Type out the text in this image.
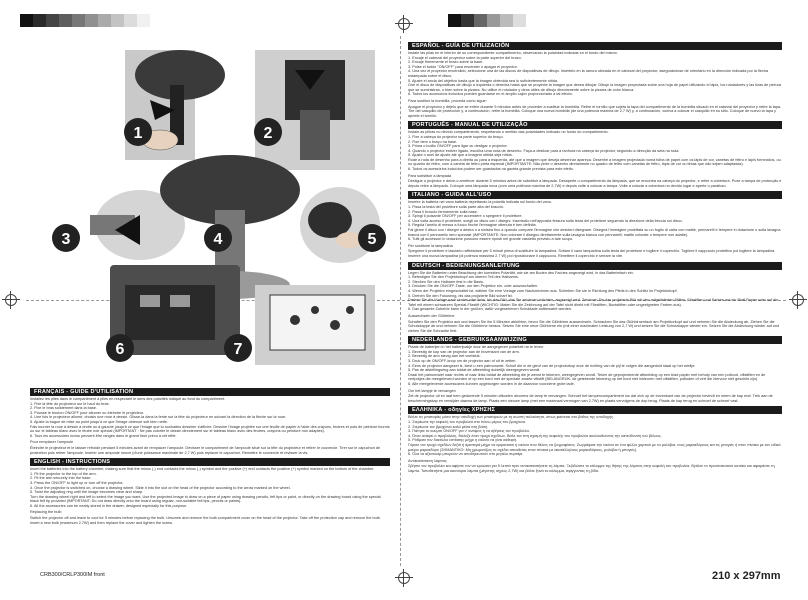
1	2
3	4	5
6	7
FRANÇAIS - GUIDE D'UTILISATION
Installez les piles dans le compartiment à piles en respectant le sens des polarités indiqué au fond du compartiment.
1. Fixe la tête du projecteur sur le haut du bras.
2. Fixe le bras solidement dans la base.
3. Pousse le bouton ON/OFF pour allumer ou éteindre le projecteur.
4. Une fois le projecteur allumé, choisis une roue à dessin. Glisse-la dans la fente sur la tête du projecteur en suivant la direction de la flèche sur la roue.
5. Ajuste la bague de mise au point jusqu'à ce que l'image obtenue soit bien nette.
Fais tourner la roue à dessin à droite ou à gauche jusqu'à ce que l'image que tu souhaites dessiner s'affiche. Dessine l'image projetée sur une feuille de papier à l'aide des crayons, feutres et pots de peinture fournis ou sur le tableau blanc avec le feutre noir spécial (IMPORTANT : Ne pas colorier le dessin directement sur le tableau blanc avec des feutres, crayons ou peinture non adaptés).
6. Tous les accessoires inclus peuvent être rangés dans le grand tiroir prévu à cet effet.
Pour remplacer l'ampoule
Éteindre le projecteur et le laisser refroidir pendant 5 minutes avant de remplacer l'ampoule. Dévisser le compartiment de l'ampoule situé sur la tête du projecteur et retirer le couvercle. Tirer sur le capuchon de protection puis retirer l'ampoule. Insérer une ampoule neuve (d'une puissance maximale de 2,7 W) puis replacer le capuchon. Remettre le couvercle et revisser la vis.
ENGLISH - INSTRUCTIONS
Insert the batteries into the battery chamber, making sure that the minus (-) end contacts the minus (-) symbol and the positive (+) end contacts the positive (+) symbol marked on the bottom of the chamber.
1. Fit the projector to the top of the arm.
2. Fit the arm securely into the base.
3. Press the ON/OFF to light up or turn off the projector.
4. Once the projector is switched on, choose a drawing wheel. Slide it into the slot on the head of the projector according to the arrow marked on the wheel.
5. Twist the adjusting ring until the image becomes clear and sharp.
Turn the drawing wheel right and left to select the image you want. Use the projected image to draw on a piece of paper using drawing pencils, felt tips or paint, or directly on the drawing board using the special black felt tip provided (IMPORTANT: Do not draw directly onto the board using regular, non-suitable felt tips, pencils or paints).
6. All the accessories can be neatly stored in the drawer, designed especially for this purpose.
Replacing the bulb
Switch the projector off and leave to cool for 5 minutes before replacing the bulb. Unscrew and remove the bulb compartment cover on the head of the projector. Take off the protection cap and remove the bulb. Insert a new bulb (maximum 2.7W) and then replace the cover and tighten the screw.
ESPAÑOL - GUÍA DE UTILIZACIÓN
Instale las pilas en el interior de su correspondiente compartimento, observando la polaridad indicada en el fondo del mismo.
1. Encaje el cabezal del proyector sobre la parte superior del brazo.
2. Encaje firmemente el brazo sobre la base.
3. Pulse el botón "ON/OFF" para encender o apagar el proyector.
4. Una vez el proyector encendido, seleccione una de las discos de diapositivas de dibujo. Insértelo en la ranura ubicada en el cabezal del proyector, asegurándose de orientarlo en la dirección indicada por la flecha estampada sobre el disco.
5. Ajuste el ancla del objetivo hasta que la imagen obtenida sea lo suficientemente nítida.
Gire el disco de diapositivas de dibujo a izquierda o derecha hasta que se proyecte la imagen que desea dibujar. Dibuje la imagen proyectada sobre una hoja de papel utilizando el lápiz, los rotuladores y las tizas de pintura que se suministran, o bien sobre la pizarra. No utilice el rotulador y otros útiles de dibujo directamente sobre la pizarra de color blanca.
6. Todos los accesorios incluidos pueden guardarse en el amplio cajón proporcionado a tal efecto.
Para sustituir la bombilla, proceda como sigue:
Apague el proyector y déjelo que se enfríe durante 5 minutos antes de proceder a sustituir la bombilla. Retire el tornillo que sujeta la tapa del compartimento de la bombilla situado en el cabezal del proyector y retire la tapa. Tire del casquillo de protección y, a continuación, retire la bombilla. Coloque una nueva bombilla (de una potencia máxima de 2,7 W) y, a continuación, vuelva a colocar el casquillo en su sitio. Coloque de nuevo la tapa y apriete el tornillo.
PORTUGUÊS - MANUAL DE UTILIZAÇÃO
Instale as pilhas no devido compartimento, respeitando o sentido das polaridades indicado no fundo do compartimento.
1. Fixe a cabeça do projector na parte superior do braço.
2. Fixe bem o braço na base.
3. Prima o botão ON/OFF para ligar ou desligar o projector.
4. Quando o projector estiver ligado, escolha uma roda de desenho. Faça-a deslizar para a ranhura na cabeça do projector, seguindo a direcção da seta na roda.
5. Ajuste o anel de ajuste até que a imagem obtida seja nítida.
Rode a roda de desenho para a direita ou para a esquerda, até que a imagem que deseja desenhar apareça. Desenhe a imagem projectada numa folha de papel com os lápis de cor, canetas de feltro e lápis fornecidos, ou no quadro de feltro, com a caneta de feltro preta especial (IMPORTANTE: Não pinte o desenho diretamente no quadro de feltro com canetas de feltro, lápis de cor ou tintas que não sejam adaptadas).
6. Todos os acessórios incluídos podem ser guardados na gaveta grande prevista para este efeito.
Para substituir a lâmpada
Desligue o projector e deixe-o arrefecer durante 5 minutos antes de substituir a lâmpada. Desaperte o compartimento da lâmpada, que se encontra na cabeça do projector, e retire a cobertura. Puxe a tampa de protecção e depois retire a lâmpada. Coloque uma lâmpada nova (com uma potência máxima de 2,7W) e depois volte a colocar a tampa. Volte a colocar a cobertura no devido lugar e aperte o parafuso.
ITALIANO - GUIDA ALL'USO
Inserire la batteria nel vano batteria rispettando la polarità indicata sul fondo del vano.
1. Fissa la testa del proiettore sulla parte alta del braccio.
2. Fissa il braccio fermamente sulla base.
3. Spingi il pulsante ON/OFF per accendere o spegnere il proiettore.
4. Una volta acceso il proiettore, scegli un disco con i disegni. Inseriscilo nell'apposita fessura sulla testa del proiettore seguendo la direzione della freccia sul disco.
5. Regola l'anello di messa a fuoco finché l'immagine ottenuta è ben definita.
Fai girare il disco con i disegni a destra o a sinistra fino a quando compare l'immagine che desideri disegnare. Disegna l'immagine proiettata su un foglio di carta con matite, pennarelli e tempere in dotazione o sulla lavagna bianca con il pennarello nero speciale (IMPORTANTE: Non colorare il disegno direttamente sulla lavagna bianca con pennarelli, matite colorate o tempere non adatte).
6. Tutti gli accessori in dotazione possono essere riposti nel grande cassetto previsto a tale scopo.
Per sostituire la lampadina
Spegnere il proiettore e lasciarlo raffreddare per 5 minuti prima di sostituire la lampadina. Svitare il vano lampadina sulla testa del proiettore e togliere il coperchio. Togliere il cappuccio protettivo poi togliere la lampadina. Inserire una nuova lampadina (di potenza massima 2,7 W) poi riposizionare il cappuccio. Rimettere il coperchio e serrare la vite.
DEUTSCH - BEDIENUNGSANLEITUNG
Legen Sie die Batterien unter Beachtung der korrekten Polarität, wie sie am Boden des Faches angezeigt wird, in das Batteriefach ein.
1. Befestigen Sie den Projektorkopf am oberen Teil des Halbarms.
2. Stecken Sie den Halbarm fest in die Basis.
3. Drücken Sie die ON/OFF-Taste, um den Projektor ein- oder auszuschalten.
4. Wenn der Projektor eingeschaltet ist, wählen Sie eine Vorlage zum Nachzeichnen aus. Schieben Sie sie in Richtung des Pfeils in den Schlitz im Projektorkopf.
5. Drehen Sie den Fokusring, bis das projizierte Bild scharf ist.
Drehen Sie die Vorlage nach rechts oder links, bis das Bild, das Sie zeichnen möchten, angezeigt wird. Zeichnen Sie das projizierte Bild mit den mitgelieferten Stiften, Filzstiften und Farben auf ein Blatt Papier oder auf die Tafel mit einem schwarzen Spezial-Filzstift (WICHTIG: Malen Sie die Zeichnung auf der Tafel nicht direkt mit Filzstiften, Buntstiften oder ungeeigneten Farben aus).
6. Das gesamte Zubehör kann in der großen, dafür vorgesehenen Schublade aufbewahrt werden.
Auswechseln der Glühbirne
Schalten Sie den Projektor aus und lassen Sie ihn 5 Minuten abkühlen, bevor Sie die Glühbirne auswechseln. Schrauben Sie das Glühbirnenfach am Projektorkopf auf und nehmen Sie die Abdeckung ab. Ziehen Sie die Schutzkappe ab und nehmen Sie die Glühbirne heraus. Setzen Sie eine neue Glühbirne ein (mit einer maximalen Leistung von 2,7 W) und setzen Sie die Schutzkappe wieder ein. Setzen Sie die Abdeckung wieder auf und ziehen Sie die Schraube fest.
NEDERLANDS - GEBRUIKSAANWIJZING
Plaats de batterijen in het batterijvakje door de aangegeven polariteit na te leven.
1. Bevestig de kop van de projector aan de bovenkant van de arm.
2. Bevestig de arm stevig aan het voetstuk.
3. Druk op de ON/OFF-knop om de projector aan of uit te zetten.
4. Eens de projector aangezet is, kiest u een patroonwiel. Schuif die in de gleuf van de projectorkop door de richting van de pijl te volgen die aangeduid staat op het wieltje.
5. Pas de afstellingsring aan totdat de afbeelding duidelijk weergegeven wordt.
Draai het patroonwiel naar rechts of naar links totdat de afbeelding die je wenst te tekenen, weergegeven wordt. Teken de geprojecteerde afbeelding op een blad papier met behulp van een potlood, viltstiften en de verfpotjes die meegeleverd worden of op een bord met de speciale zwarte viltstift (BELANGRIJK: de getekende tekening op het bord niet inkleuren met viltstiften, potloden of verf die hiervoor niet geschikt zijn).
6. Alle meegeleverde accessoires kunnen opgeborgen worden in de daarvoor voorziene grote lade.
Om het lampje te vervangen
Zet de projector uit en laat hem gedurende 5 minuten afkoelen alvorens de lamp te vervangen. Schroef het lampencompartiment los dat zich op de bovenkant van de projector bevindt en neem de kap eraf. Trek aan de beschermingskap en verwijder daarna de lamp. Plaats een nieuwe lamp (met een maximaal vermogen van 2,7W) en plaats vervolgens de dop terug. Plaats de kap terug en schroef de schroef vast.
ΕΛΛΗΝΙΚΑ - οδηγίες ΧΡΗΣΗΣ
Βάλτε τις μπαταρίες μέσα στην υποδοχή των μπαταριών με τη σωστή πολικότητα, όπως φαίνεται στο βάθος της υποδοχής.
1. Στερέωσε την κεφαλή του προβολέα στο πάνω μέρος του βραχίονα.
2. Στερέωσε τον βραχίονα καλά μέσα στη βάση.
3. Πάτησε το κουμπί ON/OFF για ν' ανάψεις ή να σβήσεις τον προβολέα.
4. Όταν ανάψει ο προβολέας, διάλεξε έναν τροχό σχεδίων. Βάλε τον στη σχισμή της κεφαλής του προβολέα ακολουθώντας την κατεύθυνση του βέλους.
5. Ρύθμισε τον δακτύλιο εστίασης μέχρι η εικόνα να γίνει καθαρή.
Γύρισε τον τροχό σχεδίων δεξιά ή αριστερά μέχρι να εμφανιστεί η εικόνα που θέλεις να ζωγραφίσεις. Ζωγράφισε την εικόνα σε ένα φύλλο χαρτιού με τα μολύβια, τους μαρκαδόρους και τις μπογιές ή στον πίνακα με τον ειδικό μαύρο μαρκαδόρο (ΣΗΜΑΝΤΙΚΟ: Μη χρωματίζεις το σχέδιο απευθείας στον πίνακα με ακατάλληλους μαρκαδόρους, μολύβια ή μπογιές).
6. Όλα τα αξεσουάρ μπορούν να αποθηκευτούν στο μεγάλο συρτάρι.
Αντικατάσταση λάμπας
Σβήστε τον προβολέα και αφήστε τον να κρυώσει για 5 λεπτά πριν αντικαταστήσετε τη λάμπα. Ξεβιδώστε το κάλυμμα της θήκης της λάμπας στην κεφαλή του προβολέα. Βγάλτε το προστατευτικό καπάκι και αφαιρέστε τη λάμπα. Τοποθετήστε μια καινούρια λάμπα (μέγιστης ισχύος 2,7W) και βάλτε ξανά το κάλυμμα, σφίγγοντας τη βίδα.
CRB300/CRLP300IM front	210 x 297mm
